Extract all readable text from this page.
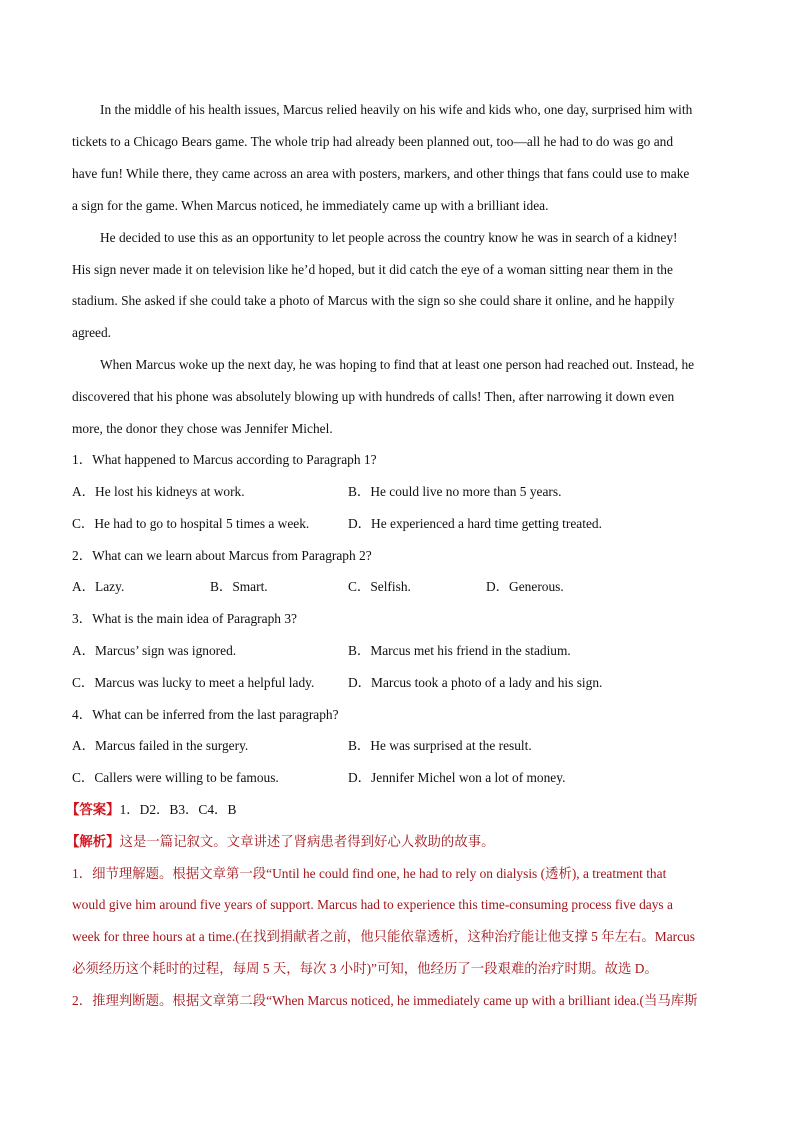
In the middle of his health issues, Marcus relied heavily on his wife and kids who, one day, surprised him with
tickets to a Chicago Bears game. The whole trip had already been planned out, too—all he had to do was go and
have fun! While there, they came across an area with posters, markers, and other things that fans could use to make
a sign for the game. When Marcus noticed, he immediately came up with a brilliant idea.
He decided to use this as an opportunity to let people across the country know he was in search of a kidney!
His sign never made it on television like he’d hoped, but it did catch the eye of a woman sitting near them in the
stadium. She asked if she could take a photo of Marcus with the sign so she could share it online, and he happily
agreed.
When Marcus woke up the next day, he was hoping to find that at least one person had reached out. Instead, he
discovered that his phone was absolutely blowing up with hundreds of calls! Then, after narrowing it down even
more, the donor they chose was Jennifer Michel.
1．What happened to Marcus according to Paragraph 1?
A．He lost his kidneys at work.	B．He could live no more than 5 years.
C．He had to go to hospital 5 times a week.	D．He experienced a hard time getting treated.
2．What can we learn about Marcus from Paragraph 2?
A．Lazy.	B．Smart.	C．Selfish.	D．Generous.
3．What is the main idea of Paragraph 3?
A．Marcus’ sign was ignored.	B．Marcus met his friend in the stadium.
C．Marcus was lucky to meet a helpful lady.	D．Marcus took a photo of a lady and his sign.
4．What can be inferred from the last paragraph?
A．Marcus failed in the surgery.	B．He was surprised at the result.
C．Callers were willing to be famous.	D．Jennifer Michel won a lot of money.
【答案】1．D2．B3．C4．B
【解析】这是一篇记叙文。文章讲述了肾病患者得到好心人救助的故事。
1．细节理解题。根据文章第一段“Until he could find one, he had to rely on dialysis (透析), a treatment that
would give him around five years of support. Marcus had to experience this time-consuming process five days a
week for three hours at a time.(在找到捐献者之前，他只能依靠透析，这种治疗能让他支撑 5 年左右。Marcus
必须经历这个耗时的过程，每周 5 天，每次 3 小时)”可知，他经历了一段艰难的治疗时期。故选 D。
2．推理判断题。根据文章第二段“When Marcus noticed, he immediately came up with a brilliant idea.(当马库斯
